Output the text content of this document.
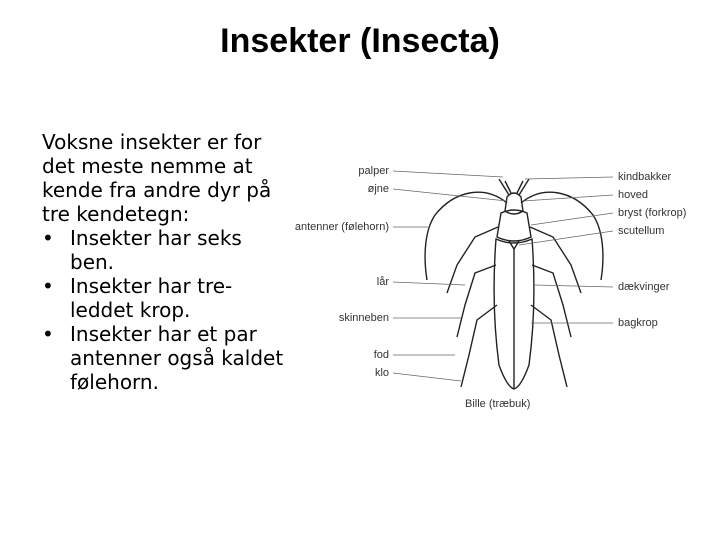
Insekter (Insecta)

Voksne insekter er for det meste nemme at kende fra andre dyr på tre kendetegn:

• Insekter har seks ben.
• Insekter har tre-leddet krop.
• Insekter har et par antenner også kaldet følehorn.
palper
øjne
antenner (følehorn)
lår
skinneben
fod
klo
kindbakker
hoved
bryst (forkrop)
scutellum
dækvinger
bagkrop
Bille (træbuk)
